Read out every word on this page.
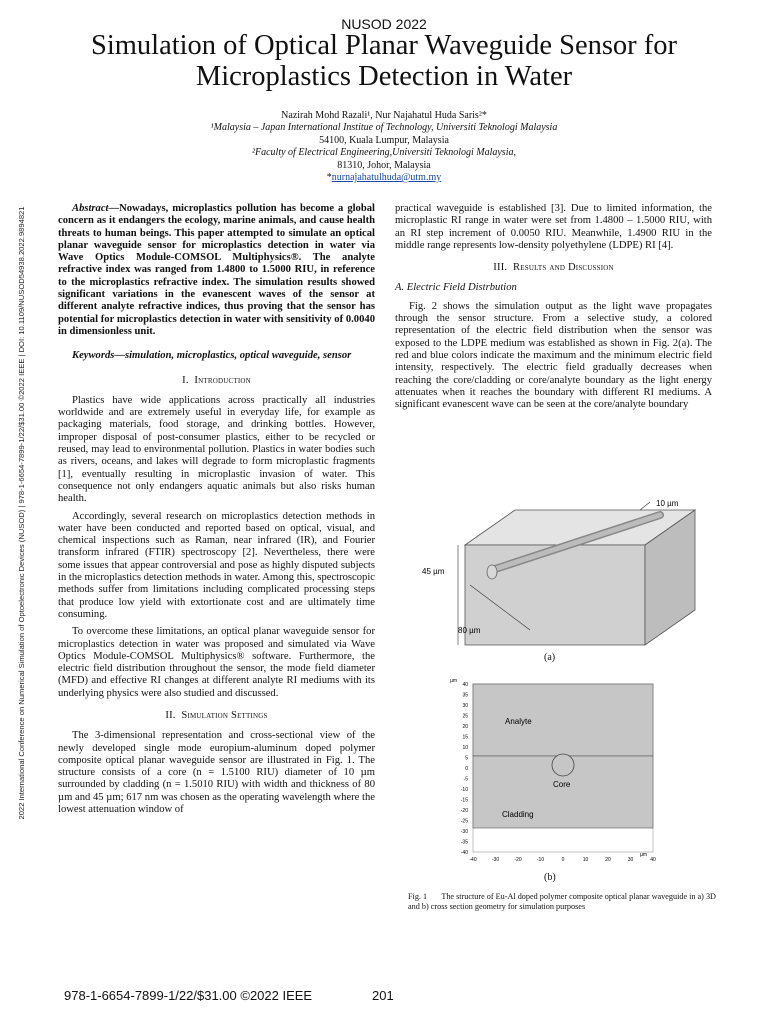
NUSOD 2022
Simulation of Optical Planar Waveguide Sensor for Microplastics Detection in Water
Nazirah Mohd Razali¹, Nur Najahatul Huda Saris²*
¹Malaysia – Japan International Institue of Technology, Universiti Teknologi Malaysia
54100, Kuala Lumpur, Malaysia
²Faculty of Electrical Engineering,Universiti Teknologi Malaysia,
81310, Johor, Malaysia
*nurnajahatulhuda@utm.my
2022 International Conference on Numerical Simulation of Optoelectronic Devices (NUSOD) | 978-1-6654-7899-1/22/$31.00 ©2022 IEEE | DOI: 10.1109/NUSOD54938.2022.9894821	Abstract—Nowadays, microplastics pollution has become a global concern as it endangers the ecology, marine animals, and cause health threats to human beings. This paper attempted to simulate an optical planar waveguide sensor for microplastics detection in water via Wave Optics Module-COMSOL Multiphysics®. The analyte refractive index was ranged from 1.4800 to 1.5000 RIU, in reference to the microplastics refractive index. The simulation results showed significant variations in the evanescent waves of the sensor at different analyte refractive indices, thus proving that the sensor has potential for microplastics detection in water with sensitivity of 0.0040 in dimensionless unit.

Keywords—simulation, microplastics, optical waveguide, sensor

I. Introduction

Plastics have wide applications across practically all industries worldwide and are extremely useful in everyday life, for example as packaging materials, food storage, and drinking bottles. However, improper disposal of post-consumer plastics, either to be recycled or reused, may lead to environmental pollution. Plastics in water bodies such as rivers, oceans, and lakes will degrade to form microplastic fragments [1], eventually resulting in microplastic invasion of water. This consequence not only endangers aquatic animals but also risks human health.

Accordingly, several research on microplastics detection methods in water have been conducted and reported based on optical, visual, and chemical inspections such as Raman, near infrared (IR), and Fourier transform infrared (FTIR) spectroscopy [2]. Nevertheless, there were some issues that appear controversial and pose as highly disputed subjects in the microplastics detection methods in water. Among this, spectroscopic methods suffer from limitations including complicated processing steps that produce low yield with extortionate cost and are ultimately time consuming.

To overcome these limitations, an optical planar waveguide sensor for microplastics detection in water was proposed and simulated via Wave Optics Module-COMSOL Multiphysics® software. Furthermore, the electric field distribution throughout the sensor, the mode field diameter (MFD) and effective RI changes at different analyte RI mediums with its underlying physics were also studied and discussed.

II. Simulation Settings

The 3-dimensional representation and cross-sectional view of the newly developed single mode europium-aluminum doped polymer composite optical planar waveguide sensor are illustrated in Fig. 1. The structure consists of a core (n = 1.5100 RIU) diameter of 10 µm surrounded by cladding (n = 1.5010 RIU) with width and thickness of 80 µm and 45 µm; 617 nm was chosen as the operating wavelength where the lowest attenuation window of

practical waveguide is established [3]. Due to limited information, the microplastic RI range in water were set from 1.4800 – 1.5000 RIU, with an RI step increment of 0.0050 RIU. Meanwhile, 1.4900 RIU in the middle range represents low-density polyethylene (LDPE) RI [4].

III. Results and Discussion
A. Electric Field Distrbution

Fig. 2 shows the simulation output as the light wave propagates through the sensor structure. From a selective study, a colored representation of the electric field distribution when the sensor was exposed to the LDPE medium was established as shown in Fig. 2(a). The red and blue colors indicate the maximum and the minimum electric field intensity, respectively. The electric field gradually decreases when reaching the core/cladding or core/analyte boundary as the light energy attenuates when it reaches the boundary with different RI mediums. A significant evanescent wave can be seen at the core/analyte boundary

10 µm
45 µm
80 µm
(a)
Analyte
Core
Cladding
µm
µm
40
35
30
25
20
15
10
5
0
-5
-10
-15
-20
-25
-30
-35
-40
-40	-30	-20	-10	0	10	20	30	40
(b)
Fig. 1 The structure of Eu-Al doped polymer composite optical planar waveguide in a) 3D and b) cross section geometry for simulation purposes
978-1-6654-7899-1/22/$31.00 ©2022 IEEE	201
